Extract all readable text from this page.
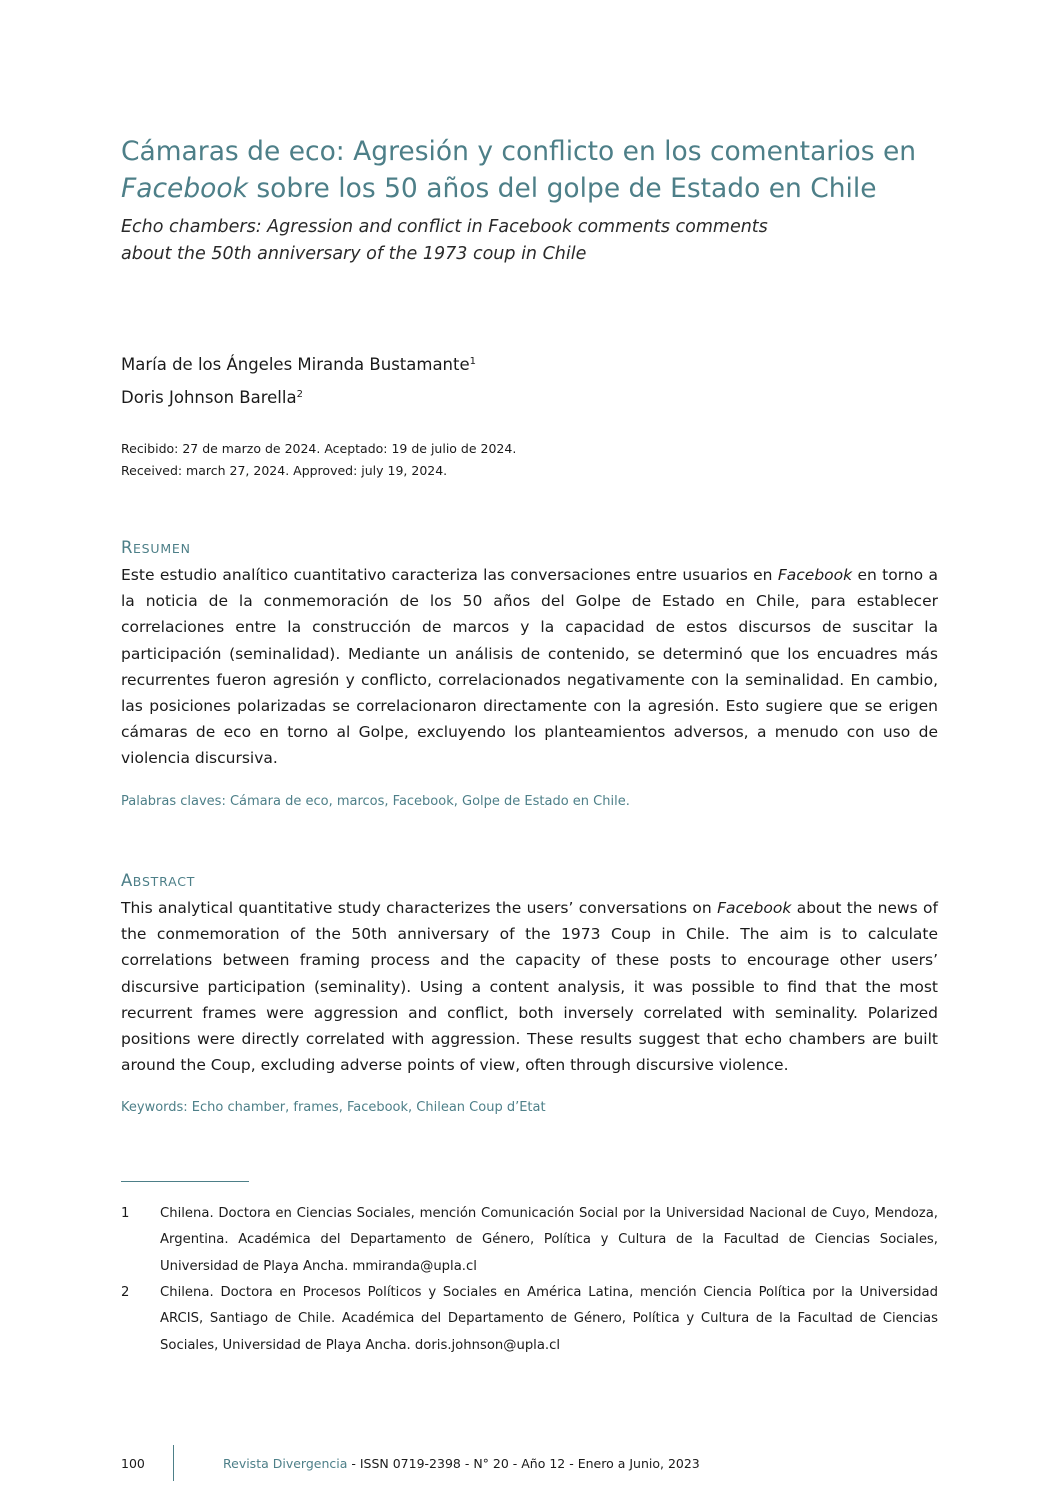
Cámaras de eco: Agresión y conflicto en los comentarios en
Facebook sobre los 50 años del golpe de Estado en Chile

Echo chambers: Agression and conflict in Facebook comments comments
about the 50th anniversary of the 1973 coup in Chile

María de los Ángeles Miranda Bustamante$^1$
Doris Johnson Barella$^2$
Recibido: 27 de marzo de 2024. Aceptado: 19 de julio de 2024.
Received: march 27, 2024. Approved: july 19, 2024.
RESUMEN

Este estudio analítico cuantitativo caracteriza las conversaciones entre usuarios en Facebook en torno a la noticia de la conmemoración de los 50 años del Golpe de Estado en Chile, para establecer correlaciones entre la construcción de marcos y la capacidad de estos discursos de suscitar la participación (seminalidad). Mediante un análisis de contenido, se determinó que los encuadres más recurrentes fueron agresión y conflicto, correlacionados negativamente con la seminalidad. En cambio, las posiciones polarizadas se correlacionaron directamente con la agresión. Esto sugiere que se erigen cámaras de eco en torno al Golpe, excluyendo los planteamientos adversos, a menudo con uso de violencia discursiva.

Palabras claves: Cámara de eco, marcos, Facebook, Golpe de Estado en Chile.
ABSTRACT

This analytical quantitative study characterizes the users’ conversations on Facebook about the news of the conmemoration of the 50th anniversary of the 1973 Coup in Chile. The aim is to calculate correlations between framing process and the capacity of these posts to encourage other users’ discursive participation (seminality). Using a content analysis, it was possible to find that the most recurrent frames were aggression and conflict, both inversely correlated with seminality. Polarized positions were directly correlated with aggression. These results suggest that echo chambers are built around the Coup, excluding adverse points of view, often through discursive violence.

Keywords: Echo chamber, frames, Facebook, Chilean Coup d’Etat
1	Chilena. Doctora en Ciencias Sociales, mención Comunicación Social por la Universidad Nacional de Cuyo, Mendoza, Argentina. Académica del Departamento de Género, Política y Cultura de la Facultad de Ciencias Sociales, Universidad de Playa Ancha. mmiranda@upla.cl
2	Chilena. Doctora en Procesos Políticos y Sociales en América Latina, mención Ciencia Política por la Universidad ARCIS, Santiago de Chile. Académica del Departamento de Género, Política y Cultura de la Facultad de Ciencias Sociales, Universidad de Playa Ancha. doris.johnson@upla.cl
100	Revista Divergencia - ISSN 0719-2398 - N° 20 - Año 12 - Enero a Junio, 2023
